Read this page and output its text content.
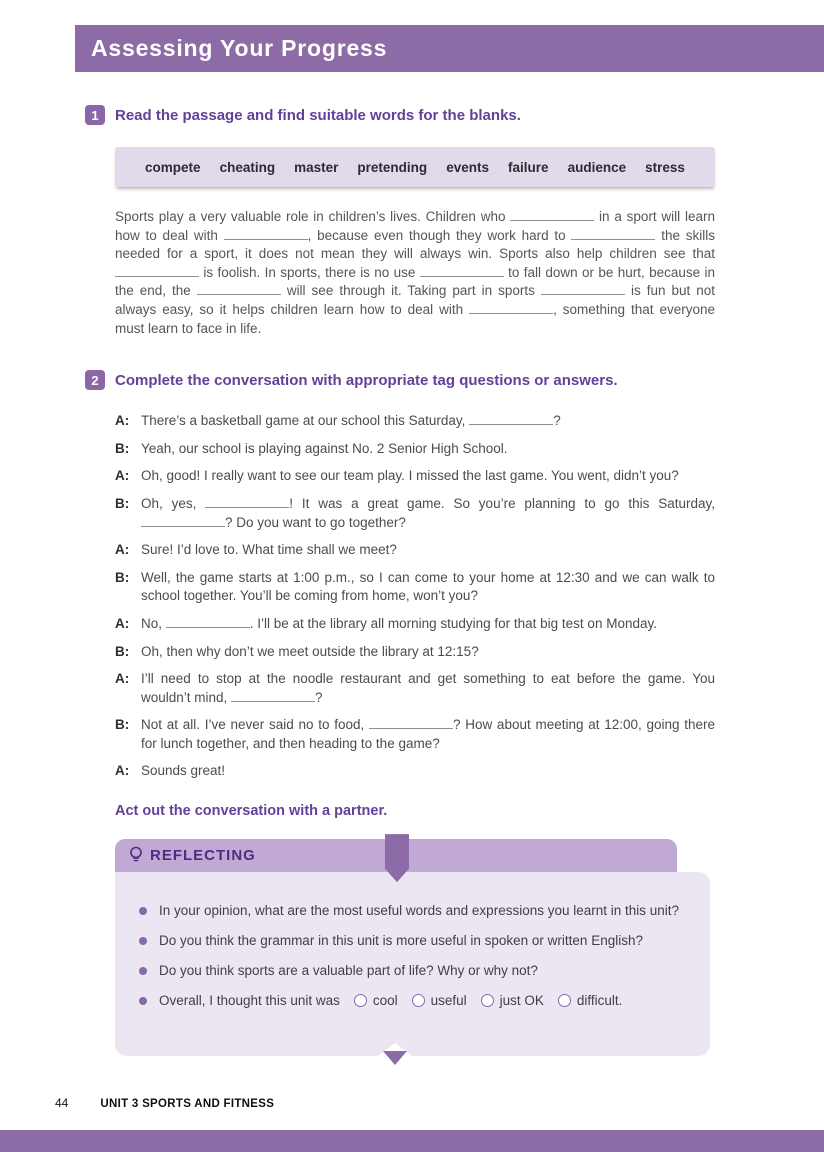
Assessing Your Progress
1	Read the passage and find suitable words for the blanks.
compete cheating master pretending events failure audience stress

Sports play a very valuable role in children’s lives. Children who	in a sport will learn how to deal with	, because even though they work hard to	the skills needed for a sport, it does not mean they will always win. Sports also help children see that  is foolish. In sports, there is no use	to fall down or be hurt, because in the end, the	will see through it. Taking part in sports	is fun but not always easy, so it helps children learn how to deal with	, something that everyone must learn to face in life.

2	Complete the conversation with appropriate tag questions or answers.
A: There’s a basketball game at our school this Saturday,	?
B: Yeah, our school is playing against No. 2 Senior High School.
A: Oh, good! I really want to see our team play. I missed the last game. You went, didn’t you?
B: Oh, yes,	! It was a great game. So you’re planning to go this Saturday, ? Do you want to go together?
A: Sure! I’d love to. What time shall we meet?
B: Well, the game starts at 1:00 p.m., so I can come to your home at 12:30 and we can walk to school together. You’ll be coming from home, won’t you?
A: No,	. I’ll be at the library all morning studying for that big test on Monday.
B: Oh, then why don’t we meet outside the library at 12:15?
A: I’ll need to stop at the noodle restaurant and get something to eat before the game. You wouldn’t mind,	?
B: Not at all. I’ve never said no to food,	? How about meeting at 12:00, going there for lunch together, and then heading to the game?
A: Sounds great!

Act out the conversation with a partner.

REFLECTING
In your opinion, what are the most useful words and expressions you learnt in this unit?
Do you think the grammar in this unit is more useful in spoken or written English?
Do you think sports are a valuable part of life? Why or why not?
Overall, I thought this unit was cool useful just OK difficult.
44	UNIT 3 SPORTS AND FITNESS
